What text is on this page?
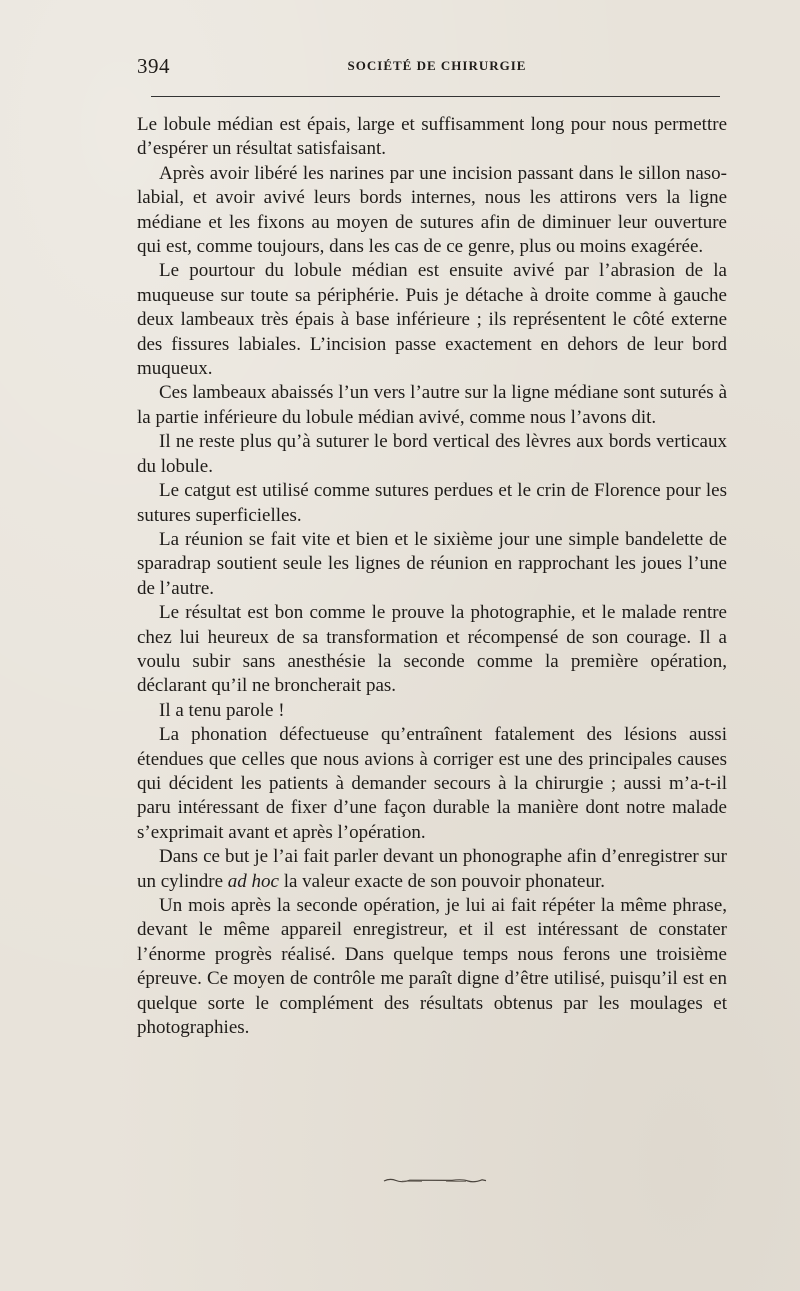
394	SOCIÉTÉ DE CHIRURGIE

Le lobule médian est épais, large et suffisamment long pour nous permettre d’espérer un résultat satisfaisant.

Après avoir libéré les narines par une incision passant dans le sillon naso-labial, et avoir avivé leurs bords internes, nous les attirons vers la ligne médiane et les fixons au moyen de sutures afin de diminuer leur ouverture qui est, comme toujours, dans les cas de ce genre, plus ou moins exagérée.

Le pourtour du lobule médian est ensuite avivé par l’abrasion de la muqueuse sur toute sa périphérie. Puis je détache à droite comme à gauche deux lambeaux très épais à base inférieure ; ils représentent le côté externe des fissures labiales. L’incision passe exactement en dehors de leur bord muqueux.

Ces lambeaux abaissés l’un vers l’autre sur la ligne médiane sont suturés à la partie inférieure du lobule médian avivé, comme nous l’avons dit.

Il ne reste plus qu’à suturer le bord vertical des lèvres aux bords verticaux du lobule.

Le catgut est utilisé comme sutures perdues et le crin de Florence pour les sutures superficielles.

La réunion se fait vite et bien et le sixième jour une simple bandelette de sparadrap soutient seule les lignes de réunion en rapprochant les joues l’une de l’autre.

Le résultat est bon comme le prouve la photographie, et le malade rentre chez lui heureux de sa transformation et récompensé de son courage. Il a voulu subir sans anesthésie la seconde comme la première opération, déclarant qu’il ne broncherait pas.

Il a tenu parole !

La phonation défectueuse qu’entraînent fatalement des lésions aussi étendues que celles que nous avions à corriger est une des principales causes qui décident les patients à demander secours à la chirurgie ; aussi m’a-t-il paru intéressant de fixer d’une façon durable la manière dont notre malade s’exprimait avant et après l’opération.

Dans ce but je l’ai fait parler devant un phonographe afin d’enregistrer sur un cylindre ad hoc la valeur exacte de son pouvoir phonateur.

Un mois après la seconde opération, je lui ai fait répéter la même phrase, devant le même appareil enregistreur, et il est intéressant de constater l’énorme progrès réalisé. Dans quelque temps nous ferons une troisième épreuve. Ce moyen de contrôle me paraît digne d’être utilisé, puisqu’il est en quelque sorte le complément des résultats obtenus par les moulages et photographies.
